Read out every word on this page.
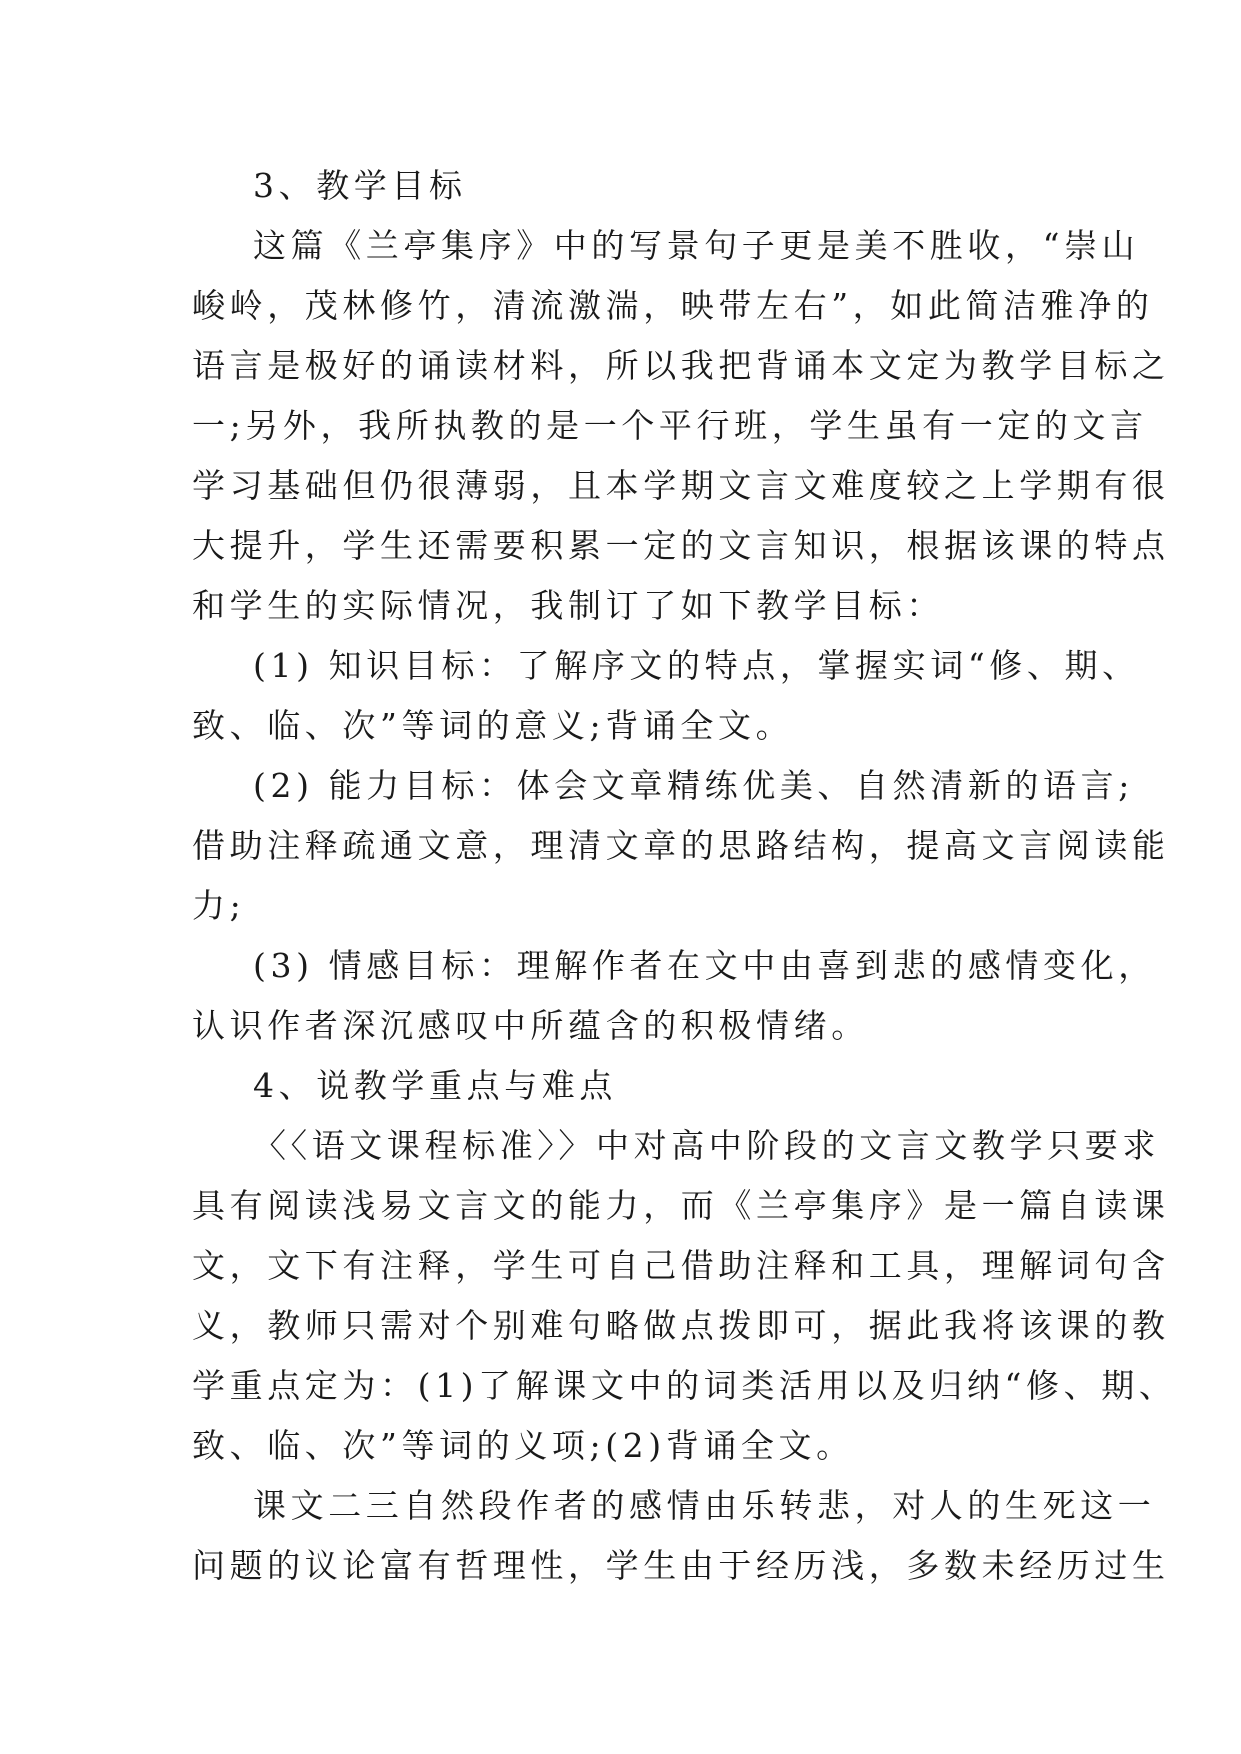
3、教学目标
这篇《兰亭集序》中的写景句子更是美不胜收，“崇山
峻岭，茂林修竹，清流激湍，映带左右”，如此简洁雅净的
语言是极好的诵读材料，所以我把背诵本文定为教学目标之
一;另外，我所执教的是一个平行班，学生虽有一定的文言
学习基础但仍很薄弱，且本学期文言文难度较之上学期有很
大提升，学生还需要积累一定的文言知识，根据该课的特点
和学生的实际情况，我制订了如下教学目标：
(1) 知识目标：了解序文的特点，掌握实词“修、期、
致、临、次”等词的意义;背诵全文。
(2) 能力目标：体会文章精练优美、自然清新的语言;
借助注释疏通文意，理清文章的思路结构，提高文言阅读能
力;
(3) 情感目标：理解作者在文中由喜到悲的感情变化，
认识作者深沉感叹中所蕴含的积极情绪。
4、说教学重点与难点
〈〈语文课程标准〉〉中对高中阶段的文言文教学只要求
具有阅读浅易文言文的能力，而《兰亭集序》是一篇自读课
文，文下有注释，学生可自己借助注释和工具，理解词句含
义，教师只需对个别难句略做点拨即可，据此我将该课的教
学重点定为：(1)了解课文中的词类活用以及归纳“修、期、
致、临、次”等词的义项;(2)背诵全文。
课文二三自然段作者的感情由乐转悲，对人的生死这一
问题的议论富有哲理性，学生由于经历浅，多数未经历过生
